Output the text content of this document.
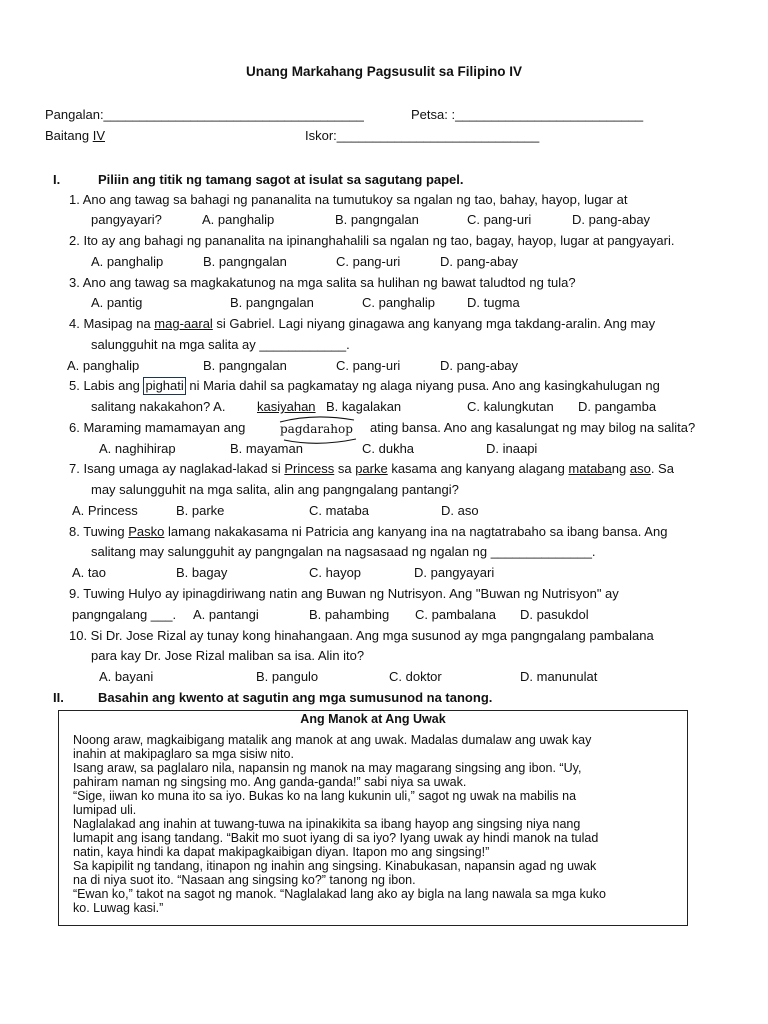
Unang Markahang Pagsusulit sa Filipino IV
Pangalan:____________________________________	Petsa: :__________________________
Baitang IV	Iskor:____________________________
I.	Piliin ang titik ng tamang sagot at isulat sa sagutang papel.
1. Ano ang tawag sa bahagi ng pananalita na tumutukoy sa ngalan ng tao, bahay, hayop, lugar at
pangyayari?	A. panghalip	B. pangngalan	C. pang-uri	D. pang-abay
2. Ito ay ang bahagi ng pananalita na ipinanghahalili sa ngalan ng tao, bagay, hayop, lugar at pangyayari.
A. panghalip	B. pangngalan	C. pang-uri	D. pang-abay
3. Ano ang tawag sa magkakatunog na mga salita sa hulihan ng bawat taludtod ng tula?
A. pantig	B. pangngalan	C. panghalip D. tugma
4. Masipag na mag-aaral si Gabriel. Lagi niyang ginagawa ang kanyang mga takdang-aralin. Ang may
salungguhit na mga salita ay ____________.
A. panghalip	B. pangngalan	C. pang-uri	D. pang-abay
5. Labis ang pighati ni Maria dahil sa pagkamatay ng alaga niyang pusa. Ano ang kasingkahulugan ng
salitang nakakahon? A. kasiyahan B. kagalakan	C. kalungkutan D. pangamba
6. Maraming mamamayan ang	pagdarahop ating bansa. Ano ang kasalungat ng may bilog na salita?
A. naghihirap	B. mayaman	C. dukha	D. inaapi
7. Isang umaga ay naglakad-lakad si Princess sa parke kasama ang kanyang alagang matabang aso. Sa
may salungguhit na mga salita, alin ang pangngalang pantangi?
A. Princess	B. parke	C. mataba	D. aso
8. Tuwing Pasko lamang nakakasama ni Patricia ang kanyang ina na nagtatrabaho sa ibang bansa. Ang
salitang may salungguhit ay pangngalan na nagsasaad ng ngalan ng ______________.
A. tao	B. bagay	C. hayop	D. pangyayari
9. Tuwing Hulyo ay ipinagdiriwang natin ang Buwan ng Nutrisyon. Ang "Buwan ng Nutrisyon" ay
pangngalang ___. A. pantangi	B. pahambing C. pambalana D. pasukdol
10. Si Dr. Jose Rizal ay tunay kong hinahangaan. Ang mga susunod ay mga pangngalang pambalana
para kay Dr. Jose Rizal maliban sa isa. Alin ito?
A. bayani	B. pangulo	C. doktor	D. manunulat
II.	Basahin ang kwento at sagutin ang mga sumusunod na tanong.
Ang Manok at Ang Uwak
Noong araw, magkaibigang matalik ang manok at ang uwak. Madalas dumalaw ang uwak kay
inahin at makipaglaro sa mga sisiw nito.
Isang araw, sa paglalaro nila, napansin ng manok na may magarang singsing ang ibon. “Uy,
pahiram naman ng singsing mo. Ang ganda-ganda!” sabi niya sa uwak.
“Sige, iiwan ko muna ito sa iyo. Bukas ko na lang kukunin uli,” sagot ng uwak na mabilis na
lumipad uli.
Naglalakad ang inahin at tuwang-tuwa na ipinakikita sa ibang hayop ang singsing niya nang
lumapit ang isang tandang. “Bakit mo suot iyang di sa iyo? Iyang uwak ay hindi manok na tulad
natin, kaya hindi ka dapat makipagkaibigan diyan. Itapon mo ang singsing!”
Sa kapipilit ng tandang, itinapon ng inahin ang singsing. Kinabukasan, napansin agad ng uwak
na di niya suot ito. “Nasaan ang singsing ko?” tanong ng ibon.
“Ewan ko,” takot na sagot ng manok. “Naglalakad lang ako ay bigla na lang nawala sa mga kuko
ko. Luwag kasi.”
